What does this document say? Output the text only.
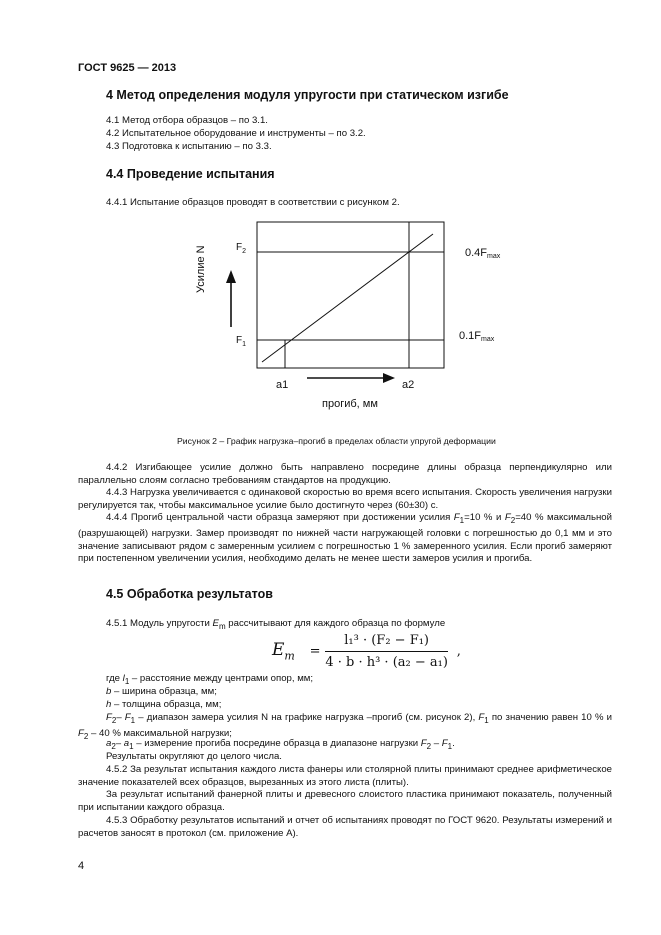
ГОСТ 9625 — 2013
4 Метод определения модуля упругости при статическом изгибе
4.1 Метод отбора образцов – по 3.1.
4.2 Испытательное оборудование и инструменты – по 3.2.
4.3 Подготовка к испытанию – по 3.3.
4.4 Проведение испытания
4.4.1 Испытание образцов проводят в соответствии с рисунком 2.
Усилие N	$F_2$
$F_1$
0.4Fmax
0.1Fmax
a1	a2
прогиб, мм
Рисунок 2 – График нагрузка–прогиб в пределах области упругой деформации
4.4.2 Изгибающее усилие должно быть направлено посредине длины образца перпендикулярно или параллельно слоям согласно требованиям стандартов на продукцию.
4.4.3 Нагрузка увеличивается с одинаковой скоростью во время всего испытания. Скорость увеличения нагрузки регулируется так, чтобы максимальное усилие было достигнуто через (60±30) с.
4.4.4 Прогиб центральной части образца замеряют при достижении усилия $F_1=10$ % и $F_2=40$ % максимальной (разрушающей) нагрузки. Замер производят по нижней части нагружающей головки с погрешностью до 0,1 мм и это значение записывают рядом с замеренным усилием с погрешностью 1 % замеренного усилия. Если прогиб замеряют при постепенном увеличении усилия, необходимо делать не менее шести замеров усилия и прогиба.
4.5 Обработка результатов
4.5.1 Модуль упругости $E_m$ рассчитывают для каждого образца по формуле
$E_m = \frac{\text{l₁³ · (F₂ − F₁)}}{\text{4 · b · h³ · (a₂ − a₁)}}$ ,
где $l_1$ – расстояние между центрами опор, мм;
b – ширина образца, мм;
h – толщина образца, мм;
$F_2-$ $F_1$ – диапазон замера усилия N на графике нагрузка –прогиб (см. рисунок 2), $F_1$ по значению равен 10 % и $F_2 - 40$ % максимальной нагрузки;
$a_2-$ $a_1$ – измерение прогиба посредине образца в диапазоне нагрузки $F_2 - F_1$.
Результаты округляют до целого числа.
4.5.2 За результат испытания каждого листа фанеры или столярной плиты принимают среднее арифметическое значение показателей всех образцов, вырезанных из этого листа (плиты).
За результат испытаний фанерной плиты и древесного слоистого пластика принимают показатель, полученный при испытании каждого образца.
4.5.3 Обработку результатов испытаний и отчет об испытаниях проводят по ГОСТ 9620. Результаты измерений и расчетов заносят в протокол (см. приложение А).
4
